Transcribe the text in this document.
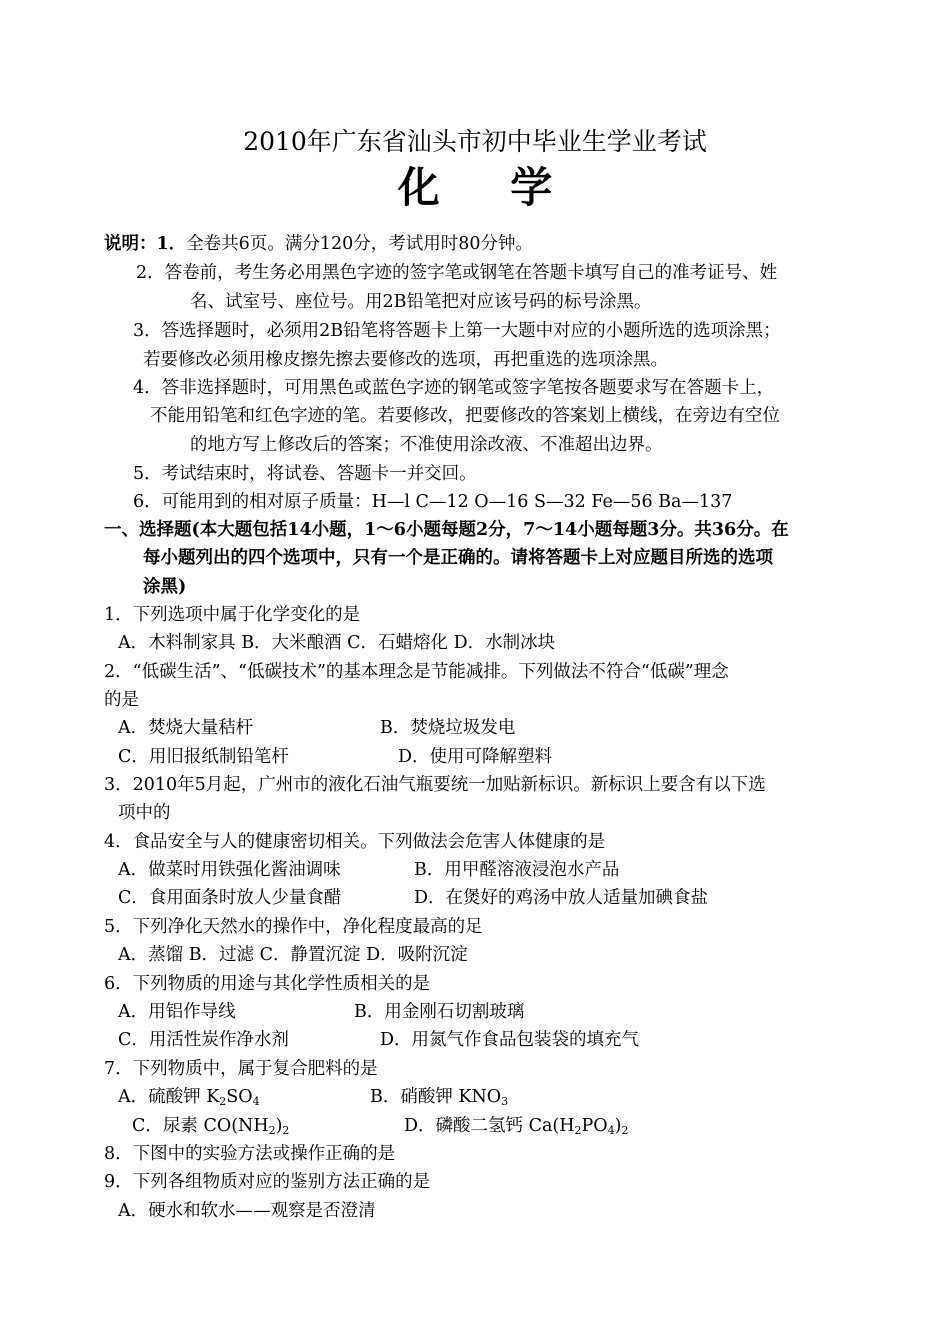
2010年广东省汕头市初中毕业生学业考试
化 学
说明：1．全卷共6页。满分120分，考试用时80分钟。
2．答卷前，考生务必用黑色字迹的签字笔或钢笔在答题卡填写自己的准考证号、姓
名、试室号、座位号。用2B铅笔把对应该号码的标号涂黑。
3．答选择题时，必须用2B铅笔将答题卡上第一大题中对应的小题所选的选项涂黑；
若要修改必须用橡皮擦先擦去要修改的选项，再把重选的选项涂黑。
4．答非选择题时，可用黑色或蓝色字迹的钢笔或签字笔按各题要求写在答题卡上，
不能用铅笔和红色字迹的笔。若要修改，把要修改的答案划上横线，在旁边有空位
的地方写上修改后的答案；不准使用涂改液、不准超出边界。
5．考试结束时，将试卷、答题卡一并交回。
6．可能用到的相对原子质量：H—l C—12 O—16 S—32 Fe—56 Ba—137
一、选择题(本大题包括14小题，1～6小题每题2分，7～14小题每题3分。共36分。在
每小题列出的四个选项中，只有一个是正确的。请将答题卡上对应题目所选的选项
涂黑)
1．下列选项中属于化学变化的是
A．木料制家具 B．大米酿酒 C．石蜡熔化 D．水制冰块
2．“低碳生活”、“低碳技术”的基本理念是节能减排。下列做法不符合“低碳”理念
的是
A．焚烧大量秸杆	B．焚烧垃圾发电
C．用旧报纸制铅笔杆	D．使用可降解塑料
3．2010年5月起，广州市的液化石油气瓶要统一加贴新标识。新标识上要含有以下选
项中的
4．食品安全与人的健康密切相关。下列做法会危害人体健康的是
A．做菜时用铁强化酱油调味	B．用甲醛溶液浸泡水产品
C．食用面条时放人少量食醋	D．在煲好的鸡汤中放人适量加碘食盐
5．下列净化天然水的操作中，净化程度最高的足
A．蒸馏 B．过滤 C．静置沉淀 D．吸附沉淀
6．下列物质的用途与其化学性质相关的是
A．用铝作导线	B．用金刚石切割玻璃
C．用活性炭作净水剂	D．用氮气作食品包装袋的填充气
7．下列物质中，属于复合肥料的是
A．硫酸钾 $K_2SO_4$	B．硝酸钾 $KNO_3$
C．尿素 $CO(NH_2)_2$	D．磷酸二氢钙 $Ca(H_2PO_4)_2$
8．下图中的实验方法或操作正确的是
9．下列各组物质对应的鉴别方法正确的是
A．硬水和软水——观察是否澄清
